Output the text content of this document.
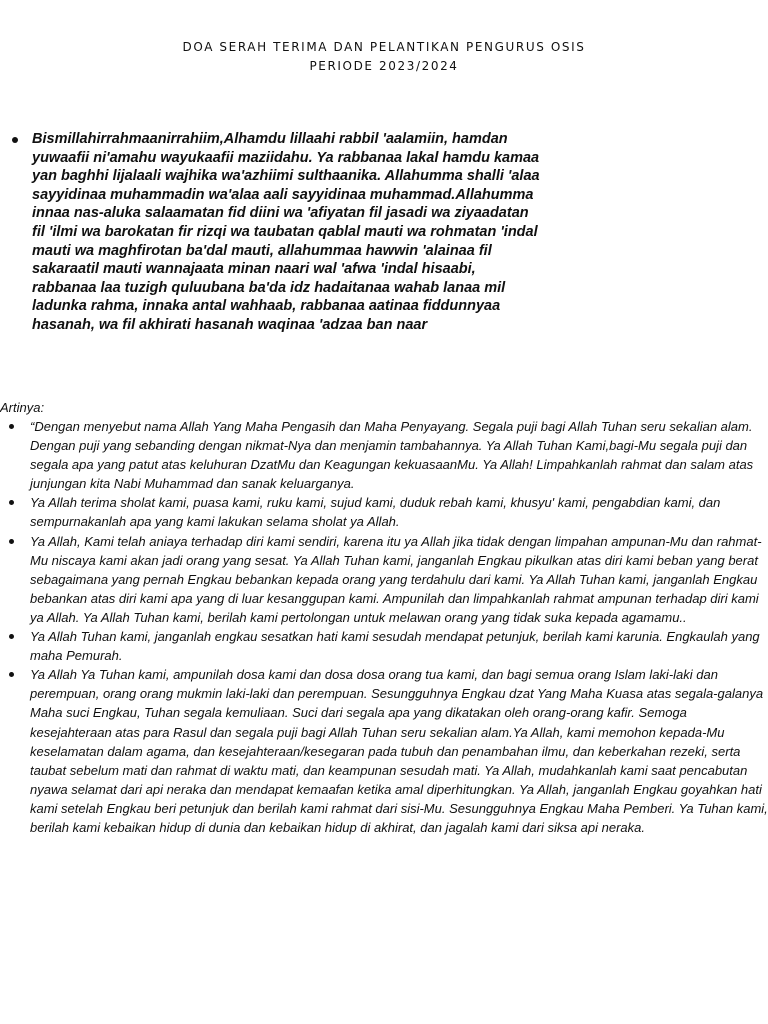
DOA SERAH TERIMA DAN PELANTIKAN PENGURUS OSIS
PERIODE 2023/2024
Bismillahirrahmaanirrahiim,Alhamdu lillaahi rabbil 'aalamiin, hamdan yuwaafii ni'amahu wayukaafii maziidahu. Ya rabbanaa lakal hamdu kamaa yan baghhi lijalaali wajhika wa'azhiimi sulthaanika. Allahumma shalli 'alaa sayyidinaa muhammadin wa'alaa aali sayyidinaa muhammad.Allahumma innaa nas-aluka salaamatan fid diini wa 'afiyatan fil jasadi wa ziyaadatan fil 'ilmi wa barokatan fir rizqi wa taubatan qablal mauti wa rohmatan 'indal mauti wa maghfirotan ba'dal mauti, allahummaa hawwin 'alainaa fil sakaraatil mauti wannajaata minan naari wal 'afwa 'indal hisaabi, rabbanaa laa tuzigh quluubana ba'da idz hadaitanaa wahab lanaa mil ladunka rahma, innaka antal wahhaab, rabbanaa aatinaa fiddunnyaa hasanah, wa fil akhirati hasanah waqinaa 'adzaa ban naar

Artinya:

“Dengan menyebut nama Allah Yang Maha Pengasih dan Maha Penyayang. Segala puji bagi Allah Tuhan seru sekalian alam. Dengan puji yang sebanding dengan nikmat-Nya dan menjamin tambahannya. Ya Allah Tuhan Kami,bagi-Mu segala puji dan segala apa yang patut atas keluhuran DzatMu dan Keagungan kekuasaanMu. Ya Allah! Limpahkanlah rahmat dan salam atas junjungan kita Nabi Muhammad dan sanak keluarganya.
Ya Allah terima sholat kami, puasa kami, ruku kami, sujud kami, duduk rebah kami, khusyu' kami, pengabdian kami, dan sempurnakanlah apa yang kami lakukan selama sholat ya Allah.
Ya Allah, Kami telah aniaya terhadap diri kami sendiri, karena itu ya Allah jika tidak dengan limpahan ampunan-Mu dan rahmat-Mu niscaya kami akan jadi orang yang sesat. Ya Allah Tuhan kami, janganlah Engkau pikulkan atas diri kami beban yang berat sebagaimana yang pernah Engkau bebankan kepada orang yang terdahulu dari kami. Ya Allah Tuhan kami, janganlah Engkau bebankan atas diri kami apa yang di luar kesanggupan kami. Ampunilah dan limpahkanlah rahmat ampunan terhadap diri kami ya Allah. Ya Allah Tuhan kami, berilah kami pertolongan untuk melawan orang yang tidak suka kepada agamamu..
Ya Allah Tuhan kami, janganlah engkau sesatkan hati kami sesudah mendapat petunjuk, berilah kami karunia. Engkaulah yang maha Pemurah.
Ya Allah Ya Tuhan kami, ampunilah dosa kami dan dosa dosa orang tua kami, dan bagi semua orang Islam laki-laki dan perempuan, orang orang mukmin laki-laki dan perempuan. Sesungguhnya Engkau dzat Yang Maha Kuasa atas segala-galanya Maha suci Engkau, Tuhan segala kemuliaan. Suci dari segala apa yang dikatakan oleh orang-orang kafir. Semoga kesejahteraan atas para Rasul dan segala puji bagi Allah Tuhan seru sekalian alam.Ya Allah, kami memohon kepada-Mu keselamatan dalam agama, dan kesejahteraan/kesegaran pada tubuh dan penambahan ilmu, dan keberkahan rezeki, serta taubat sebelum mati dan rahmat di waktu mati, dan keampunan sesudah mati. Ya Allah, mudahkanlah kami saat pencabutan nyawa selamat dari api neraka dan mendapat kemaafan ketika amal diperhitungkan. Ya Allah, janganlah Engkau goyahkan hati kami setelah Engkau beri petunjuk dan berilah kami rahmat dari sisi-Mu. Sesungguhnya Engkau Maha Pemberi. Ya Tuhan kami, berilah kami kebaikan hidup di dunia dan kebaikan hidup di akhirat, dan jagalah kami dari siksa api neraka.
